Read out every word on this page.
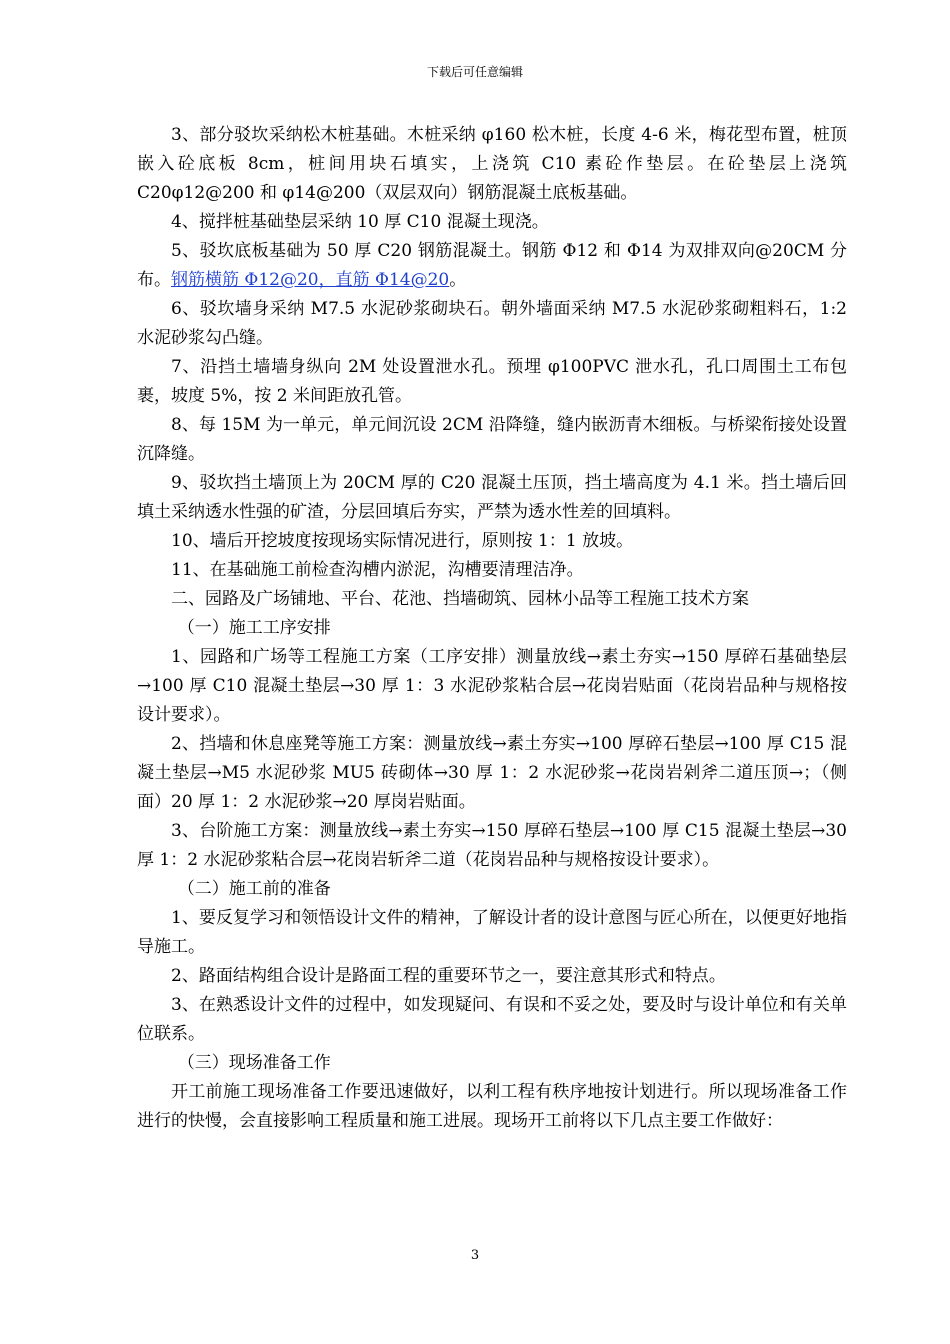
下载后可任意编辑

3、部分驳坎采纳松木桩基础。木桩采纳 φ160 松木桩，长度 4-6 米，梅花型布置，桩顶嵌入砼底板 8cm，桩间用块石填实，上浇筑 C10 素砼作垫层。在砼垫层上浇筑 C20φ12@200 和 φ14@200（双层双向）钢筋混凝土底板基础。

4、搅拌桩基础垫层采纳 10 厚 C10 混凝土现浇。

5、驳坎底板基础为 50 厚 C20 钢筋混凝土。钢筋 Φ12 和 Φ14 为双排双向@20CM 分布。钢筋横筋 Φ12@20，直筋 Φ14@20。

6、驳坎墙身采纳 M7.5 水泥砂浆砌块石。朝外墙面采纳 M7.5 水泥砂浆砌粗料石，1:2 水泥砂浆勾凸缝。

7、沿挡土墙墙身纵向 2M 处设置泄水孔。预埋 φ100PVC 泄水孔，孔口周围土工布包裹，坡度 5%，按 2 米间距放孔管。

8、每 15M 为一单元，单元间沉设 2CM 沿降缝，缝内嵌沥青木细板。与桥梁衔接处设置沉降缝。

9、驳坎挡土墙顶上为 20CM 厚的 C20 混凝土压顶，挡土墙高度为 4.1 米。挡土墙后回填土采纳透水性强的矿渣，分层回填后夯实，严禁为透水性差的回填料。

10、墙后开挖坡度按现场实际情况进行，原则按 1：1 放坡。

11、在基础施工前检查沟槽内淤泥，沟槽要清理洁净。

二、园路及广场铺地、平台、花池、挡墙砌筑、园林小品等工程施工技术方案

（一）施工工序安排

1、园路和广场等工程施工方案（工序安排）测量放线→素土夯实→150 厚碎石基础垫层→100 厚 C10 混凝土垫层→30 厚 1：3 水泥砂浆粘合层→花岗岩贴面（花岗岩品种与规格按设计要求）。

2、挡墙和休息座凳等施工方案：测量放线→素土夯实→100 厚碎石垫层→100 厚 C15 混凝土垫层→M5 水泥砂浆 MU5 砖砌体→30 厚 1：2 水泥砂浆→花岗岩剁斧二道压顶→；（侧面）20 厚 1：2 水泥砂浆→20 厚岗岩贴面。

3、台阶施工方案：测量放线→素土夯实→150 厚碎石垫层→100 厚 C15 混凝土垫层→30 厚 1：2 水泥砂浆粘合层→花岗岩斩斧二道（花岗岩品种与规格按设计要求）。

（二）施工前的准备

1、要反复学习和领悟设计文件的精神，了解设计者的设计意图与匠心所在，以便更好地指导施工。

2、路面结构组合设计是路面工程的重要环节之一，要注意其形式和特点。

3、在熟悉设计文件的过程中，如发现疑问、有误和不妥之处，要及时与设计单位和有关单位联系。

（三）现场准备工作

开工前施工现场准备工作要迅速做好，以利工程有秩序地按计划进行。所以现场准备工作进行的快慢，会直接影响工程质量和施工进展。现场开工前将以下几点主要工作做好：

3
